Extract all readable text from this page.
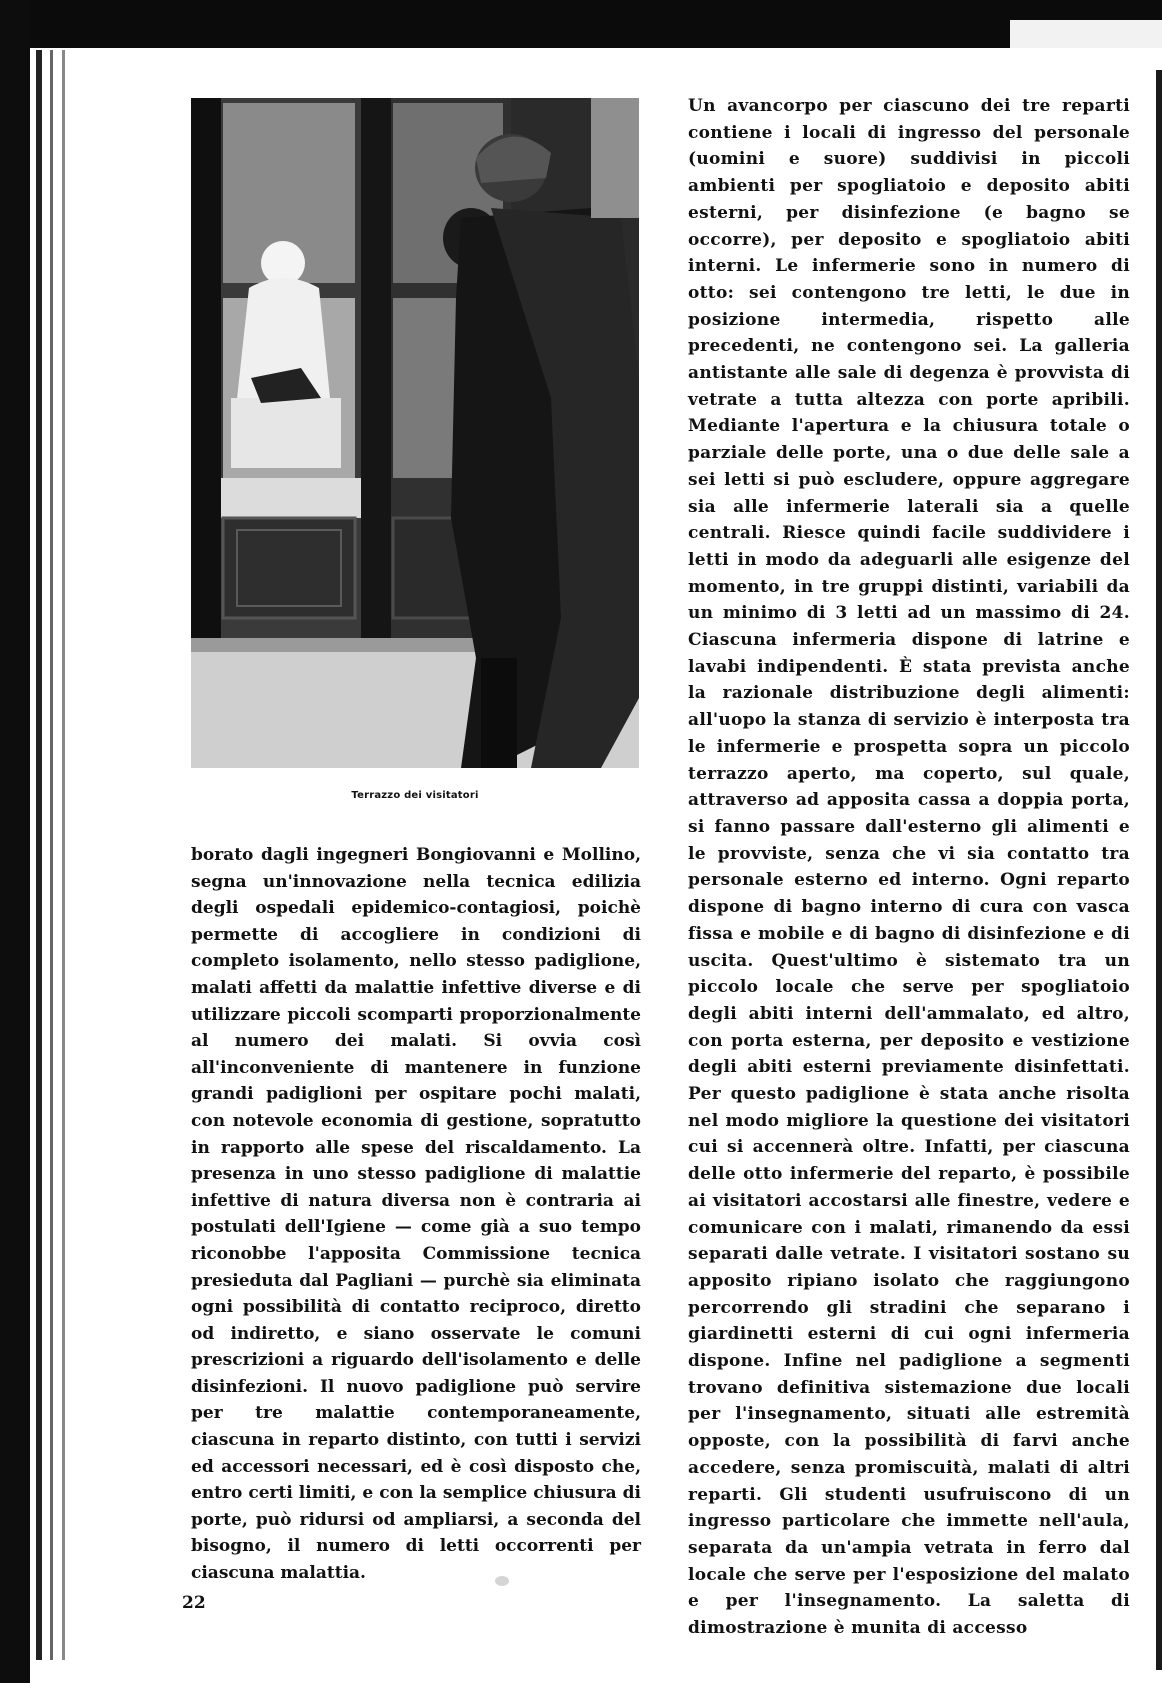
Terrazzo dei visitatori
borato dagli ingegneri Bongiovanni e Mollino, segna un'innovazione nella tecnica edilizia degli ospedali epidemico-contagiosi, poichè permette di accogliere in condizioni di completo isolamento, nello stesso padiglione, malati affetti da malattie infettive diverse e di utilizzare piccoli scomparti proporzionalmente al numero dei malati. Si ovvia così all'inconveniente di mantenere in funzione grandi padiglioni per ospitare pochi malati, con notevole economia di gestione, sopratutto in rapporto alle spese del riscaldamento. La presenza in uno stesso padiglione di malattie infettive di natura diversa non è contraria ai postulati dell'Igiene — come già a suo tempo riconobbe l'apposita Commissione tecnica presieduta dal Pagliani — purchè sia eliminata ogni possibilità di contatto reciproco, diretto od indiretto, e siano osservate le comuni prescrizioni a riguardo dell'isolamento e delle disinfezioni. Il nuovo padiglione può servire per tre malattie contemporaneamente, ciascuna in reparto distinto, con tutti i servizi ed accessori necessari, ed è così disposto che, entro certi limiti, e con la semplice chiusura di porte, può ridursi od ampliarsi, a seconda del bisogno, il numero di letti occorrenti per ciascuna malattia.
Un avancorpo per ciascuno dei tre reparti contiene i locali di ingresso del personale (uomini e suore) suddivisi in piccoli ambienti per spogliatoio e deposito abiti esterni, per disinfezione (e bagno se occorre), per deposito e spogliatoio abiti interni. Le infermerie sono in numero di otto: sei contengono tre letti, le due in posizione intermedia, rispetto alle precedenti, ne contengono sei. La galleria antistante alle sale di degenza è provvista di vetrate a tutta altezza con porte apribili. Mediante l'apertura e la chiusura totale o parziale delle porte, una o due delle sale a sei letti si può escludere, oppure aggregare sia alle infermerie laterali sia a quelle centrali. Riesce quindi facile suddividere i letti in modo da adeguarli alle esigenze del momento, in tre gruppi distinti, variabili da un minimo di 3 letti ad un massimo di 24. Ciascuna infermeria dispone di latrine e lavabi indipendenti. È stata prevista anche la razionale distribuzione degli alimenti: all'uopo la stanza di servizio è interposta tra le infermerie e prospetta sopra un piccolo terrazzo aperto, ma coperto, sul quale, attraverso ad apposita cassa a doppia porta, si fanno passare dall'esterno gli alimenti e le provviste, senza che vi sia contatto tra personale esterno ed interno. Ogni reparto dispone di bagno interno di cura con vasca fissa e mobile e di bagno di disinfezione e di uscita. Quest'ultimo è sistemato tra un piccolo locale che serve per spogliatoio degli abiti interni dell'ammalato, ed altro, con porta esterna, per deposito e vestizione degli abiti esterni previamente disinfettati. Per questo padiglione è stata anche risolta nel modo migliore la questione dei visitatori cui si accennerà oltre. Infatti, per ciascuna delle otto infermerie del reparto, è possibile ai visitatori accostarsi alle finestre, vedere e comunicare con i malati, rimanendo da essi separati dalle vetrate. I visitatori sostano su apposito ripiano isolato che raggiungono percorrendo gli stradini che separano i giardinetti esterni di cui ogni infermeria dispone. Infine nel padiglione a segmenti trovano definitiva sistemazione due locali per l'insegnamento, situati alle estremità opposte, con la possibilità di farvi anche accedere, senza promiscuità, malati di altri reparti. Gli studenti usufruiscono di un ingresso particolare che immette nell'aula, separata da un'ampia vetrata in ferro dal locale che serve per l'esposizione del malato e per l'insegnamento. La saletta di dimostrazione è munita di accesso
22
